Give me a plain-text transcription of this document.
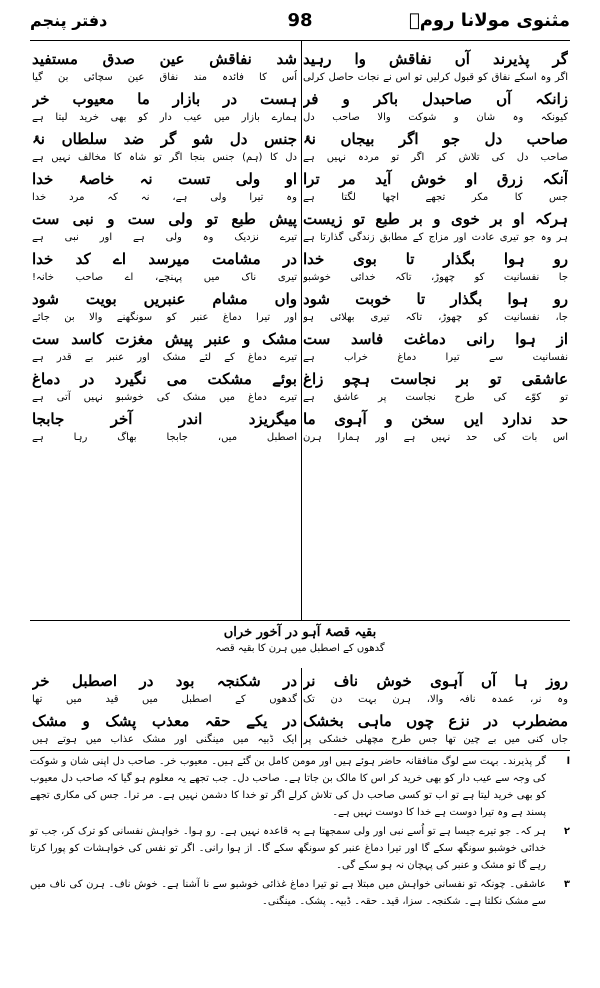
مثنوی مولانا رومؒ
98
دفتر پنجم
گر پذیرند آں نفاقش وا رہید
شد نفاقش عین صدق مستفید
اگر وہ اسکے نفاق کو قبول کرلیں تو اس نے نجات حاصل کرلی
اُس کا فائدہ مند نفاق عین سچائی بن گیا
زانکہ آں صاحبدل باکر و فر
ہست در بازار ما معیوب خر
کیونکہ وہ شان و شوکت والا صاحب دل
ہمارے بازار میں عیب دار کو بھی خرید لیتا ہے
صاحب دل جو اگر بیجاں نۂ
جنس دل شو گر ضد سلطاں نۂ
صاحب دل کی تلاش کر اگر تو مردہ نہیں ہے
دل کا (ہم) جنس بنجا اگر تو شاہ کا مخالف نہیں ہے
آنکہ زرق او خوش آید مر ترا
او ولی تست نہ خاصۂ خدا
جس کا مکر تجھے اچھا لگتا ہے
وہ تیرا ولی ہے، نہ کہ مرد خدا
ہرکہ او بر خوی و بر طبع تو زیست
پیش طبع تو ولی ست و نبی ست
ہر وہ جو تیری عادت اور مزاج کے مطابق زندگی گذارتا ہے
تیرے نزدیک وہ ولی ہے اور نبی ہے
رو ہوا بگذار تا بوی خدا
در مشامت میرسد اے کد خدا
جا نفسانیت کو چھوڑ، تاکہ خدائی خوشبو
تیری ناک میں پہنچے، اے صاحب خانہ!
رو ہوا بگذار تا خوبت شود
واں مشام عنبریں بویت شود
جا، نفسانیت کو چھوڑ، تاکہ تیری بھلائی ہو
اور تیرا دماغ عنبر کو سونگھنے والا بن جائے
از ہوا رانی دماغت فاسد ست
مشک و عنبر پیش مغزت کاسد ست
نفسانیت سے تیرا دماغ خراب ہے
تیرے دماغ کے لئے مشک اور عنبر بے قدر ہے
عاشقی تو بر نجاست ہچو زاغ
بوئے مشکت می نگیرد در دماغ
تو کوّے کی طرح نجاست پر عاشق ہے
تیرے دماغ میں مشک کی خوشبو نہیں آتی ہے
حد ندارد ایں سخن و آہوی ما
میگریزد اندر آخر جابجا
اس بات کی حد نہیں ہے اور ہمارا ہرن
اصطبل میں، جابجا بھاگ رہا ہے
بقیہ قصۂ آہو در آخور خراں
گدھوں کے اصطبل میں ہرن کا بقیہ قصہ
روز ہا آں آہوی خوش ناف نر
در شکنجہ بود در اصطبل خر
وہ نر، عمدہ نافہ والا، ہرن بہت دن تک
گدھوں کے اصطبل میں قید میں تھا
مضطرب در نزع چوں ماہی بخشک
در یکے حقہ معذب پشک و مشک
جاں کنی میں بے چین تھا جس طرح مچھلی خشکی پر
ایک ڈبیہ میں مینگنی اور مشک عذاب میں ہوتے ہیں
ا
گر پذیرند۔ بہت سے لوگ منافقانہ حاضر ہوئے ہیں اور مومن کامل بن گئے ہیں۔ معیوب خر۔ صاحب دل اپنی شان و شوکت کی وجہ سے عیب دار کو بھی خرید کر اس کا مالک بن جاتا ہے۔ صاحب دل۔ جب تجھے یہ معلوم ہو گیا کہ صاحب دل معیوب کو بھی خرید لیتا ہے تو اب تو کسی صاحب دل کی تلاش کرلے اگر تو خدا کا دشمن نہیں ہے۔ مر ترا۔ جس کی مکاری تجھے پسند ہے وہ تیرا دوست ہے خدا کا دوست نہیں ہے۔
۲
ہر کہ۔ جو تیرے جیسا ہے تو اُسے نبی اور ولی سمجھتا ہے یہ قاعدہ نہیں ہے۔ رو ہوا۔ خواہش نفسانی کو ترک کر، جب تو خدائی خوشبو سونگھ سکے گا اور تیرا دماغ عنبر کو سونگھ سکے گا۔ از ہوا رانی۔ اگر تو نفس کی خواہشات کو پورا کرتا رہے گا تو مشک و عنبر کی پہچان نہ ہو سکے گی۔
۳
عاشقی۔ چونکہ تو نفسانی خواہش میں مبتلا ہے تو تیرا دماغ غذائی خوشبو سے نا آشنا ہے۔ خوش ناف۔ ہرن کی ناف میں سے مشک نکلتا ہے۔ شکنجہ۔ سزا، قید۔ حقہ۔ ڈبیہ۔ پشک۔ مینگنی۔
